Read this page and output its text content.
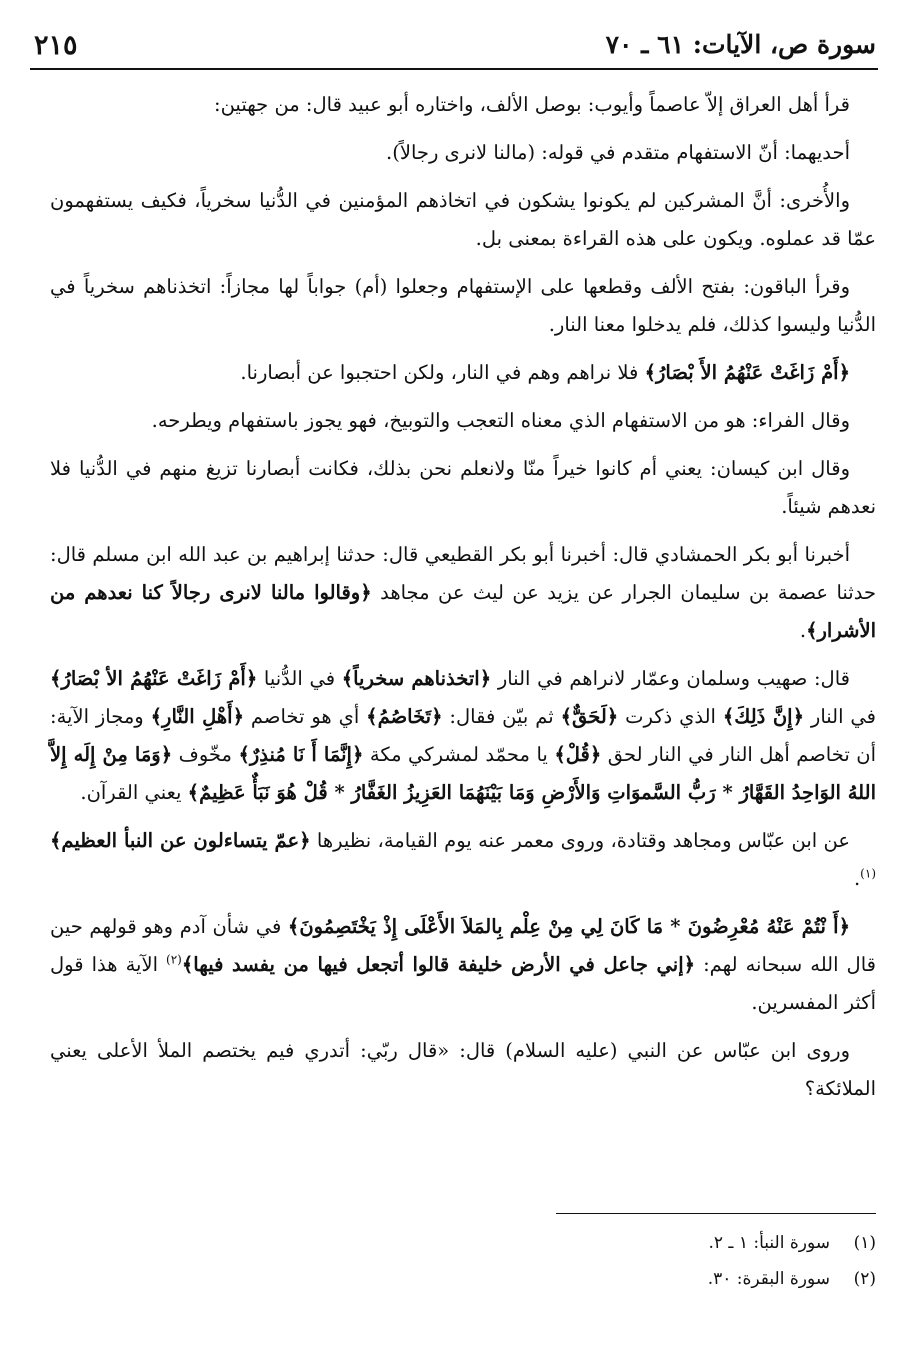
سورة ص، الآيات: ٦١ ـ ٧٠
٢١٥

قرأ أهل العراق إلاّ عاصماً وأيوب: بوصل الألف، واختاره أبو عبيد قال: من جهتين:

أحديهما: أنّ الاستفهام متقدم في قوله: (مالنا لانرى رجالاً).

والأُخرى: أنَّ المشركين لم يكونوا يشكون في اتخاذهم المؤمنين في الدُّنيا سخرياً، فكيف يستفهمون عمّا قد عملوه. ويكون على هذه القراءة بمعنى بل.

وقرأ الباقون: بفتح الألف وقطعها على الإستفهام وجعلوا (أم) جواباً لها مجازاً: اتخذناهم سخرياً في الدُّنيا وليسوا كذلك، فلم يدخلوا معنا النار.

﴿أَمْ زَاغَتْ عَنْهُمُ الأَ بْصَارُ﴾ فلا نراهم وهم في النار، ولكن احتجبوا عن أبصارنا.

وقال الفراء: هو من الاستفهام الذي معناه التعجب والتوبيخ، فهو يجوز باستفهام ويطرحه.

وقال ابن كيسان: يعني أم كانوا خيراً منّا ولانعلم نحن بذلك، فكانت أبصارنا تزيغ منهم في الدُّنيا فلا نعدهم شيئاً.

أخبرنا أبو بكر الحمشادي قال: أخبرنا أبو بكر القطيعي قال: حدثنا إبراهيم بن عبد الله ابن مسلم قال: حدثنا عصمة بن سليمان الجرار عن يزيد عن ليث عن مجاهد ﴿وقالوا مالنا لانرى رجالاً كنا نعدهم من الأشرار﴾.

قال: صهيب وسلمان وعمّار لانراهم في النار ﴿اتخذناهم سخرياً﴾ في الدُّنيا ﴿أَمْ زَاغَتْ عَنْهُمُ الأ بْصَارُ﴾ في النار ﴿إِنَّ ذَلِكَ﴾ الذي ذكرت ﴿لَحَقٌّ﴾ ثم بيّن فقال: ﴿تَخَاصُمُ﴾ أي هو تخاصم ﴿أَهْلِ النَّارِ﴾ ومجاز الآية: أن تخاصم أهل النار في النار لحق ﴿قُلْ﴾ يا محمّد لمشركي مكة ﴿إِنَّمَا أَ نَا مُنذِرٌ﴾ مخّوف ﴿وَمَا مِنْ إِلَه إِلاَّ اللهُ الوَاحِدُ القَهَّارُ * رَبُّ السَّموَاتِ وَالأَرْضِ وَمَا بَيْنَهُمَا العَزِيزُ الغَفَّارُ * قُلْ هُوَ نَبَأٌ عَظِيمٌ﴾ يعني القرآن.

عن ابن عبّاس ومجاهد وقتادة، وروى معمر عنه يوم القيامة، نظيرها ﴿عمّ يتساءلون عن النبأ العظيم﴾$^{(١)}$.

﴿أَ نْتُمْ عَنْهُ مُعْرِضُونَ * مَا كَانَ لِي مِنْ عِلْم بِالمَلاَ الأَعْلَى إِذْ يَخْتَصِمُونَ﴾ في شأن آدم وهو قولهم حين قال الله سبحانه لهم: ﴿إني جاعل في الأرض خليفة قالوا أتجعل فيها من يفسد فيها﴾$^{(٢)}$ الآية هذا قول أكثر المفسرين.

وروى ابن عبّاس عن النبي (عليه السلام) قال: «قال ربّي: أتدري فيم يختصم الملأ الأعلى يعني الملائكة؟

(١)سورة النبأ: ١ ـ ٢.
(٢)سورة البقرة: ٣٠.
